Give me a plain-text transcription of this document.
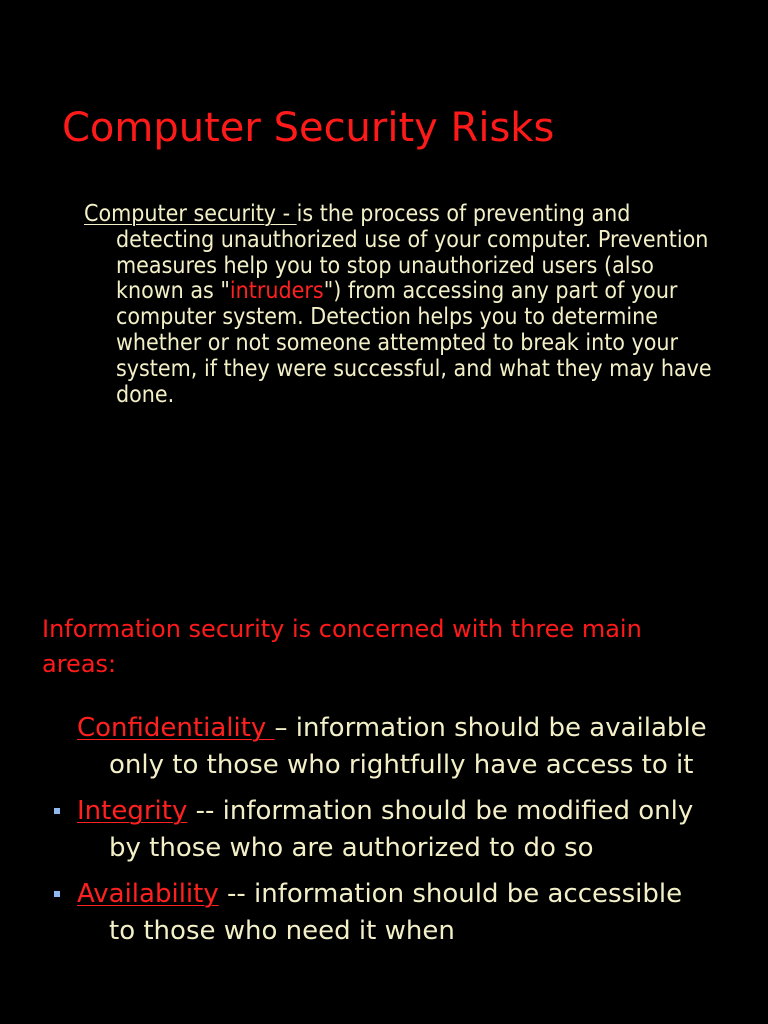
Computer Security Risks

Computer security - is the process of preventing and detecting unauthorized use of your computer. Prevention measures help you to stop unauthorized users (also known as "intruders") from accessing any part of your computer system. Detection helps you to determine whether or not someone attempted to break into your system, if they were successful, and what they may have done.

Information security is concerned with three main areas:

Confidentiality – information should be available only to those who rightfully have access to it
Integrity -- information should be modified only by those who are authorized to do so
Availability -- information should be accessible to those who need it when
